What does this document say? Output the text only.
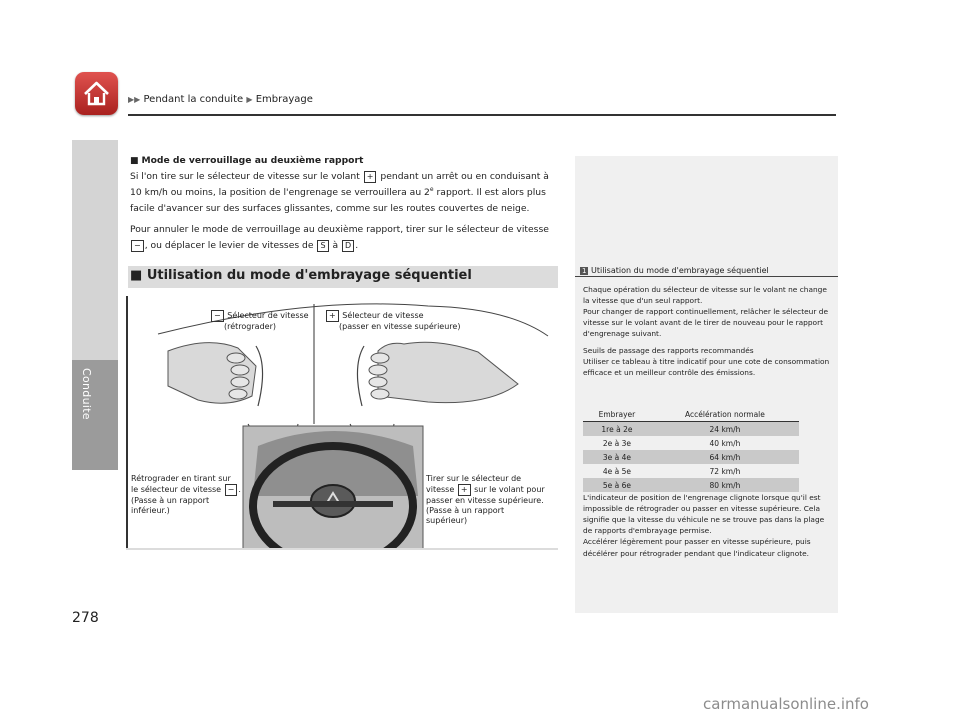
▶▶ Pendant la conduite ▶ Embrayage
Conduite
■ Mode de verrouillage au deuxième rapport
Si l'on tire sur le sélecteur de vitesse sur le volant + pendant un arrêt ou en conduisant à 10 km/h ou moins, la position de l'engrenage se verrouillera au 2e rapport. Il est alors plus facile d'avancer sur des surfaces glissantes, comme sur les routes couvertes de neige.
Pour annuler le mode de verrouillage au deuxième rapport, tirer sur le sélecteur de vitesse
− , ou déplacer le levier de vitesses de S à D .
■ Utilisation du mode d'embrayage séquentiel
− Sélecteur de vitesse
(rétrograder)
+ Sélecteur de vitesse
(passer en vitesse supérieure)
Rétrograder en tirant sur
le sélecteur de vitesse − .
(Passe à un rapport
inférieur.)
Tirer sur le sélecteur de
vitesse + sur le volant pour
passer en vitesse supérieure.
(Passe à un rapport
supérieur)
1 Utilisation du mode d'embrayage séquentiel
Chaque opération du sélecteur de vitesse sur le volant ne change la vitesse que d'un seul rapport.
Pour changer de rapport continuellement, relâcher le sélecteur de vitesse sur le volant avant de le tirer de nouveau pour le rapport d'engrenage suivant.
Seuils de passage des rapports recommandés
Utiliser ce tableau à titre indicatif pour une cote de consommation efficace et un meilleur contrôle des émissions.
Embrayer	Accélération normale
1re à 2e	24 km/h
2e à 3e	40 km/h
3e à 4e	64 km/h
4e à 5e	72 km/h
5e à 6e	80 km/h
L'indicateur de position de l'engrenage clignote lorsque qu'il est impossible de rétrograder ou passer en vitesse supérieure. Cela signifie que la vitesse du véhicule ne se trouve pas dans la plage de rapports d'embrayage permise.
Accélérer légèrement pour passer en vitesse supérieure, puis décélérer pour rétrograder pendant que l'indicateur clignote.
278
carmanualsonline.info
